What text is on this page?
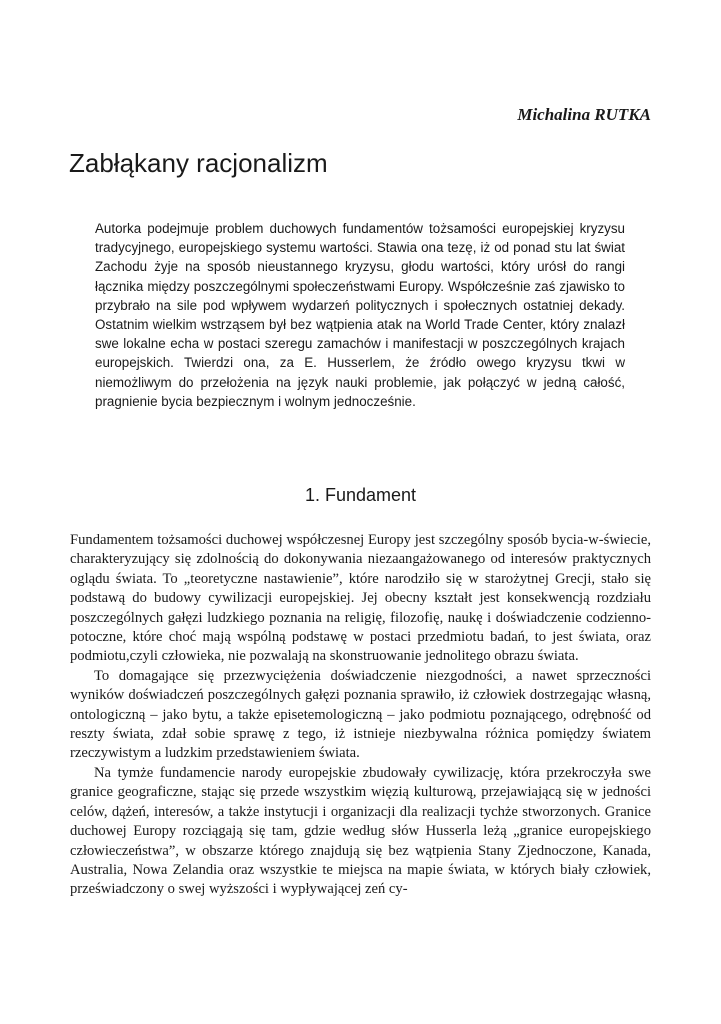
Michalina RUTKA
Zabłąkany racjonalizm

Autorka podejmuje problem duchowych fundamentów tożsamości europejskiej kryzysu tradycyjnego, europejskiego systemu wartości. Stawia ona tezę, iż od ponad stu lat świat Zachodu żyje na sposób nieustannego kryzysu, głodu wartości, który urósł do rangi łącznika między poszczególnymi społeczeństwami Europy. Współcześnie zaś zjawisko to przybrało na sile pod wpływem wydarzeń politycznych i społecznych ostatniej dekady. Ostatnim wielkim wstrząsem był bez wątpienia atak na World Trade Center, który znalazł swe lokalne echa w postaci szeregu zamachów i manifestacji w poszczególnych krajach europejskich. Twierdzi ona, za E. Husserlem, że źródło owego kryzysu tkwi w niemożliwym do przełożenia na język nauki problemie, jak połączyć w jedną całość, pragnienie bycia bezpiecznym i wolnym jednocześnie.

1. Fundament

Fundamentem tożsamości duchowej współczesnej Europy jest szczególny sposób bycia-w-świecie, charakteryzujący się zdolnością do dokonywania niezaangażowanego od interesów praktycznych oglądu świata. To „teoretyczne nastawienie”, które narodziło się w starożytnej Grecji, stało się podstawą do budowy cywilizacji europejskiej. Jej obecny kształt jest konsekwencją rozdziału poszczególnych gałęzi ludzkiego poznania na religię, filozofię, naukę i doświadczenie codzienno-potoczne, które choć mają wspólną podstawę w postaci przedmiotu badań, to jest świata, oraz podmiotu,czyli człowieka, nie pozwalają na skonstruowanie jednolitego obrazu świata.

To domagające się przezwyciężenia doświadczenie niezgodności, a nawet sprzeczności wyników doświadczeń poszczególnych gałęzi poznania sprawiło, iż człowiek dostrzegając własną, ontologiczną – jako bytu, a także episetemologiczną – jako podmiotu poznającego, odrębność od reszty świata, zdał sobie sprawę z tego, iż istnieje niezbywalna różnica pomiędzy światem rzeczywistym a ludzkim przedstawieniem świata.

Na tymże fundamencie narody europejskie zbudowały cywilizację, która przekroczyła swe granice geograficzne, stając się przede wszystkim więzią kulturową, przejawiającą się w jedności celów, dążeń, interesów, a także instytucji i organizacji dla realizacji tychże stworzonych. Granice duchowej Europy rozciągają się tam, gdzie według słów Husserla leżą „granice europejskiego człowieczeństwa”, w obszarze którego znajdują się bez wątpienia Stany Zjednoczone, Kanada, Australia, Nowa Zelandia oraz wszystkie te miejsca na mapie świata, w których biały człowiek, przeświadczony o swej wyższości i wypływającej zeń cy-
